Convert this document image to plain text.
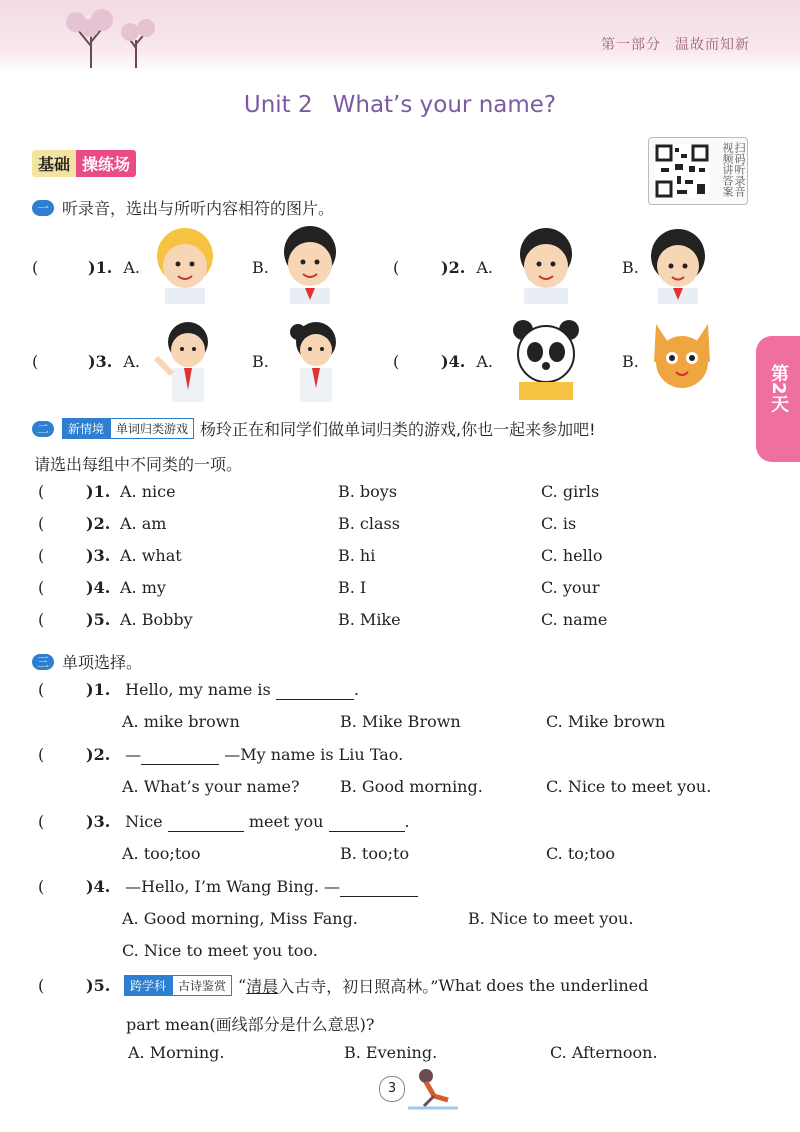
第一部分 温故而知新
Unit 2 What’s your name?
基础 操练场	扫码听录音 视频讲答案
第2天
一 听录音，选出与所听内容相符的图片。
(	)1. A.	B.	(	)2. A.	B.
(	)3. A.	B.	(	)4. A.	B.
二	新情境	单词归类游戏 杨玲正在和同学们做单词归类的游戏,你也一起来参加吧!
请选出每组中不同类的一项。
(	)1. A. nice	B. boys	C. girls
(	)2. A. am	B. class	C. is
(	)3. A. what	B. hi	C. hello
(	)4. A. my	B. I	C. your
(	)5. A. Bobby	B. Mike	C. name
三 单项选择。
(	)1. Hello, my name is	.
A. mike brown	B. Mike Brown	C. Mike brown
(	)2. —	—My name is Liu Tao.
A. What’s your name?	B. Good morning.	C. Nice to meet you.
(	)3. Nice	meet you	.
A. too;too	B. too;to	C. to;too
(	)4. —Hello, I’m Wang Bing. —
A. Good morning, Miss Fang.	B. Nice to meet you.
C. Nice to meet you too.
(	)5.	跨学科	古诗鉴赏 “ 清晨 入古寺，初日照高林。” What does the underlined
part mean(画线部分是什么意思)?
A. Morning.	B. Evening.	C. Afternoon.
3
